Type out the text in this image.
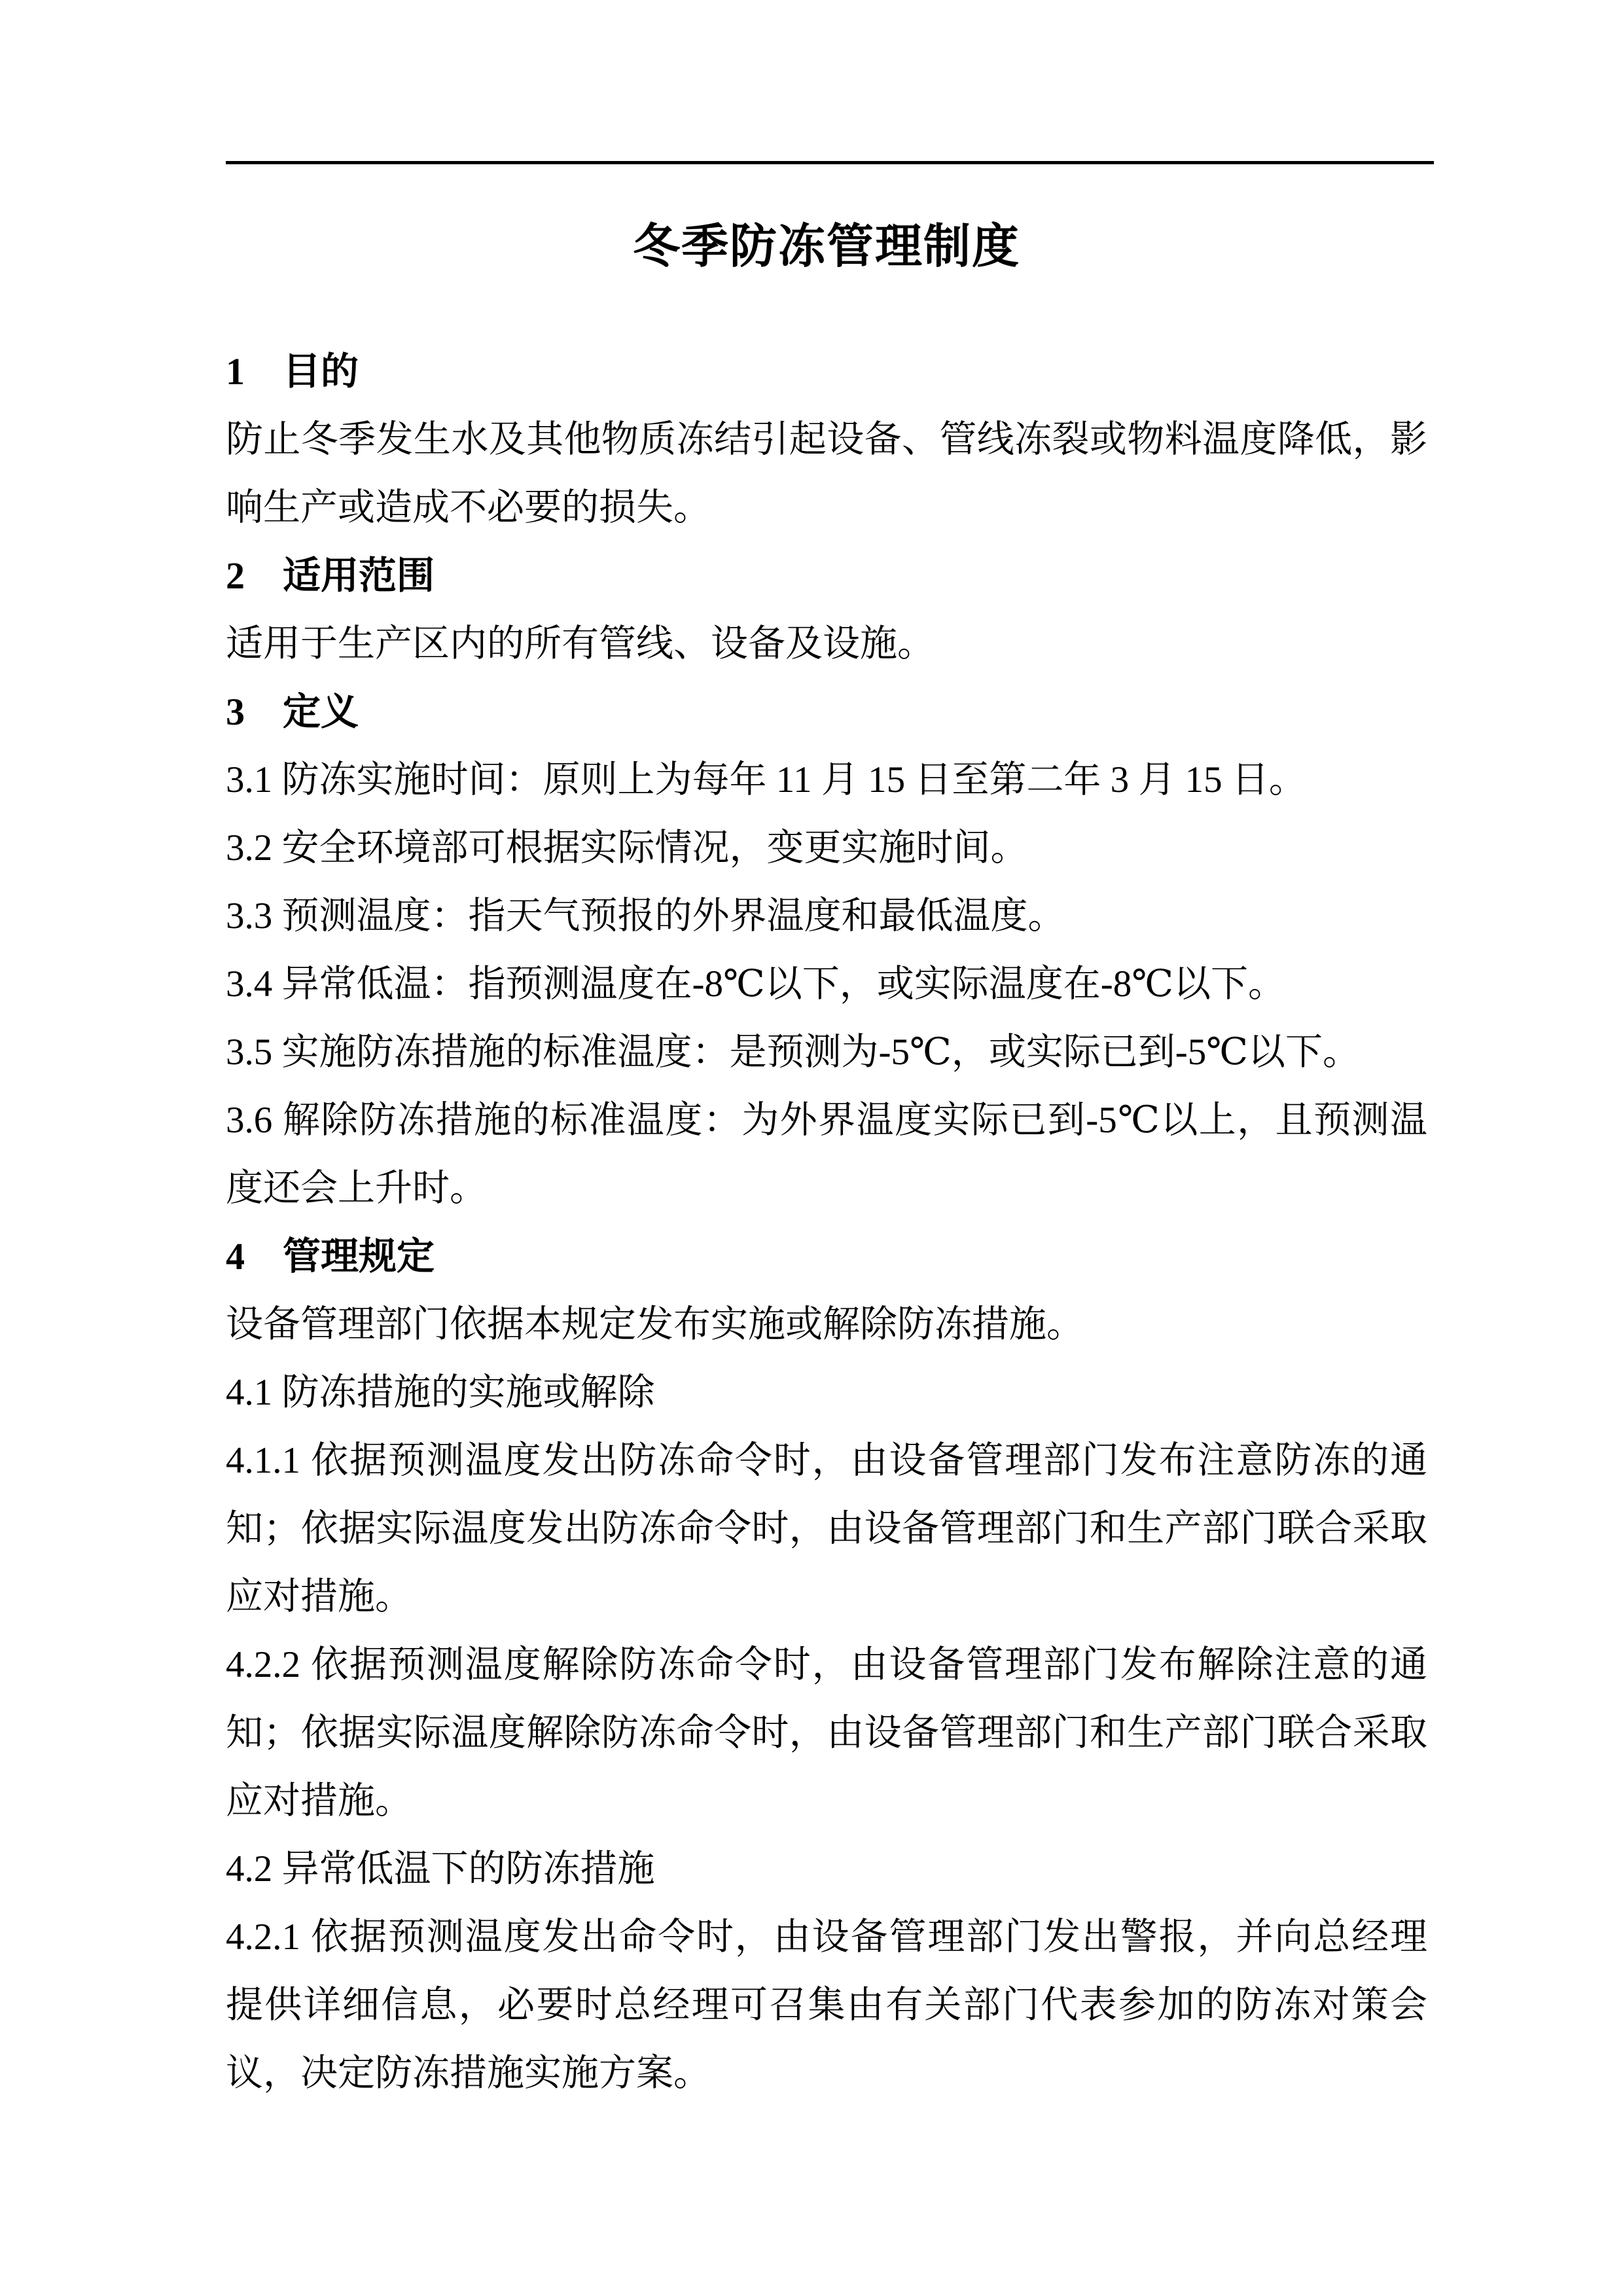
冬季防冻管理制度
1　目的
防止冬季发生水及其他物质冻结引起设备、管线冻裂或物料温度降低，影
响生产或造成不必要的损失。
2　适用范围
适用于生产区内的所有管线、设备及设施。
3　定义
3.1 防冻实施时间：原则上为每年 11 月 15 日至第二年 3 月 15 日。
3.2 安全环境部可根据实际情况，变更实施时间。
3.3 预测温度：指天气预报的外界温度和最低温度。
3.4 异常低温：指预测温度在-8℃以下，或实际温度在-8℃以下。
3.5 实施防冻措施的标准温度：是预测为-5℃，或实际已到-5℃以下。
3.6 解除防冻措施的标准温度：为外界温度实际已到-5℃以上，且预测温
度还会上升时。
4　管理规定
设备管理部门依据本规定发布实施或解除防冻措施。
4.1 防冻措施的实施或解除
4.1.1 依据预测温度发出防冻命令时，由设备管理部门发布注意防冻的通
知；依据实际温度发出防冻命令时，由设备管理部门和生产部门联合采取
应对措施。
4.2.2 依据预测温度解除防冻命令时，由设备管理部门发布解除注意的通
知；依据实际温度解除防冻命令时，由设备管理部门和生产部门联合采取
应对措施。
4.2 异常低温下的防冻措施
4.2.1 依据预测温度发出命令时，由设备管理部门发出警报，并向总经理
提供详细信息，必要时总经理可召集由有关部门代表参加的防冻对策会
议，决定防冻措施实施方案。
